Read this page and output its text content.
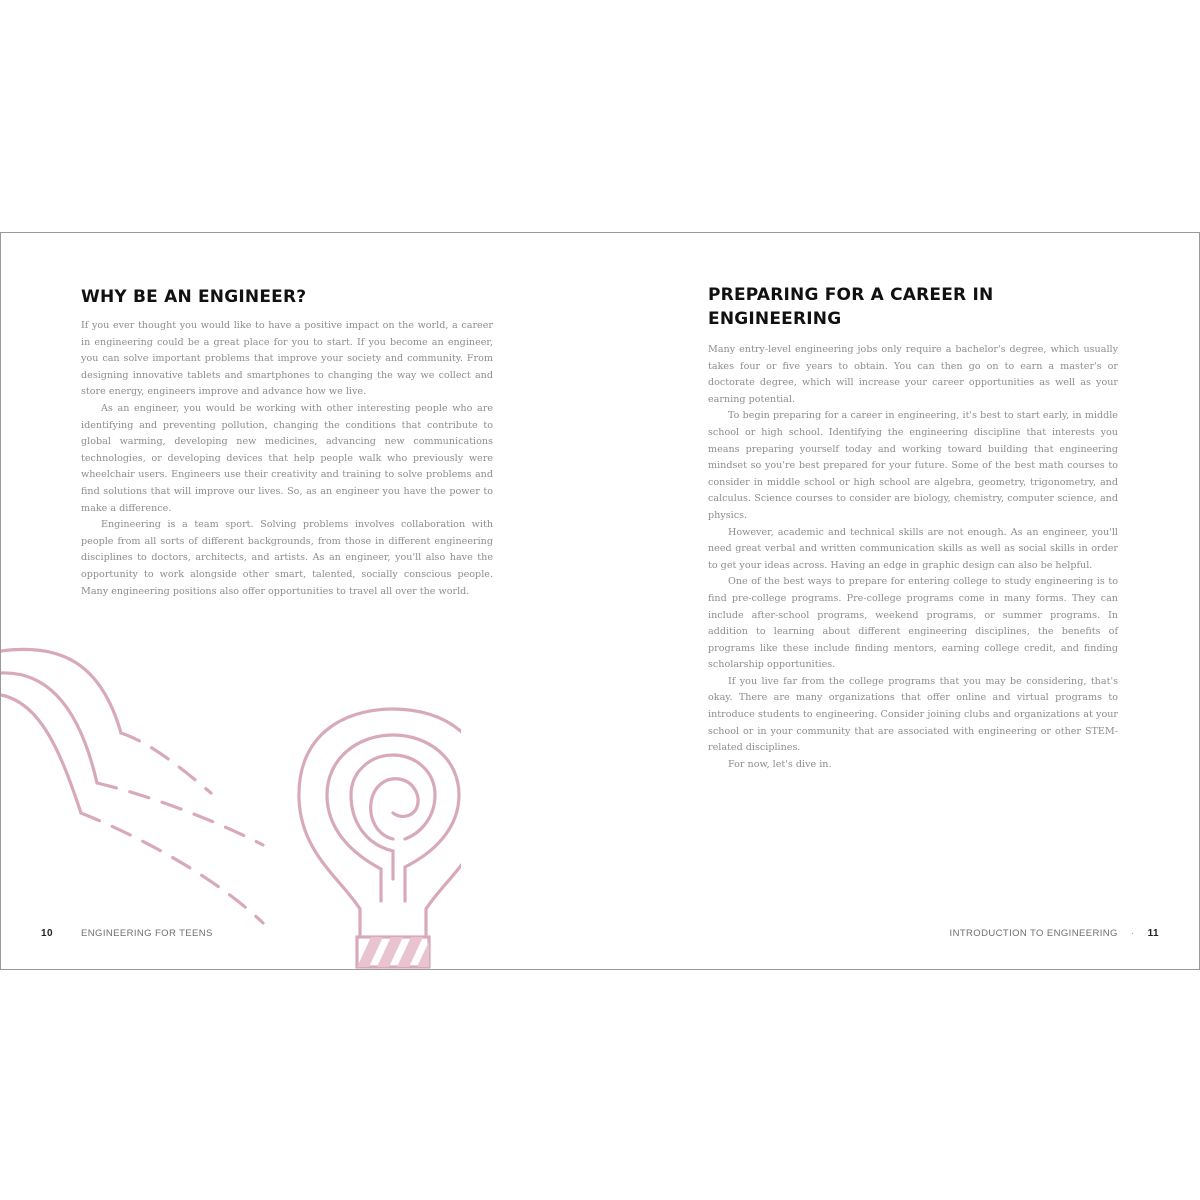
WHY BE AN ENGINEER?

If you ever thought you would like to have a positive impact on the world, a career in engineering could be a great place for you to start. If you become an engineer, you can solve important problems that improve your society and community. From designing innovative tablets and smartphones to changing the way we collect and store energy, engineers improve and advance how we live.

As an engineer, you would be working with other interesting people who are identifying and preventing pollution, changing the conditions that contribute to global warming, developing new medicines, advancing new communications technologies, or developing devices that help people walk who previously were wheelchair users. Engineers use their creativity and training to solve problems and find solutions that will improve our lives. So, as an engineer you have the power to make a difference.

Engineering is a team sport. Solving problems involves collaboration with people from all sorts of different backgrounds, from those in different engineering disciplines to doctors, architects, and artists. As an engineer, you'll also have the opportunity to work alongside other smart, talented, socially conscious people. Many engineering positions also offer opportunities to travel all over the world.

10	ENGINEERING FOR TEENS
PREPARING FOR A CAREER IN ENGINEERING

Many entry-level engineering jobs only require a bachelor's degree, which usually takes four or five years to obtain. You can then go on to earn a master's or doctorate degree, which will increase your career opportunities as well as your earning potential.

To begin preparing for a career in engineering, it's best to start early, in middle school or high school. Identifying the engineering discipline that interests you means preparing yourself today and working toward building that engineering mindset so you're best prepared for your future. Some of the best math courses to consider in middle school or high school are algebra, geometry, trigonometry, and calculus. Science courses to consider are biology, chemistry, computer science, and physics.

However, academic and technical skills are not enough. As an engineer, you'll need great verbal and written communication skills as well as social skills in order to get your ideas across. Having an edge in graphic design can also be helpful.

One of the best ways to prepare for entering college to study engineering is to find pre-college programs. Pre-college programs come in many forms. They can include after-school programs, weekend programs, or summer programs. In addition to learning about different engineering disciplines, the benefits of programs like these include finding mentors, earning college credit, and finding scholarship opportunities.

If you live far from the college programs that you may be considering, that's okay. There are many organizations that offer online and virtual programs to introduce students to engineering. Consider joining clubs and organizations at your school or in your community that are associated with engineering or other STEM-related disciplines.

For now, let's dive in.

INTRODUCTION TO ENGINEERING · 11
